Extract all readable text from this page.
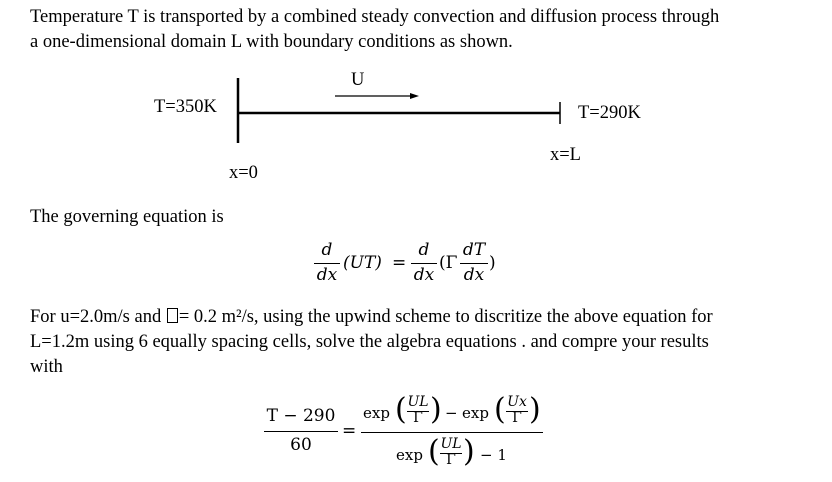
Temperature T is transported by a combined steady convection and diffusion process through
a one-dimensional domain L with boundary conditions as shown.
T=350K	T=290K
U
x=0
x=L
The governing equation is
d
dx
(UT) =
d
dx
(Γ
dT
dx
)
For u=2.0m/s and = 0.2 m²/s, using the upwind scheme to discritize the above equation for
L=1.2m using 6 equally spacing cells, solve the algebra equations . and compre your results
with
T − 290
60
=
exp ( UL
Γ ) − exp ( Ux
Γ )
exp ( UL
Γ ) − 1
